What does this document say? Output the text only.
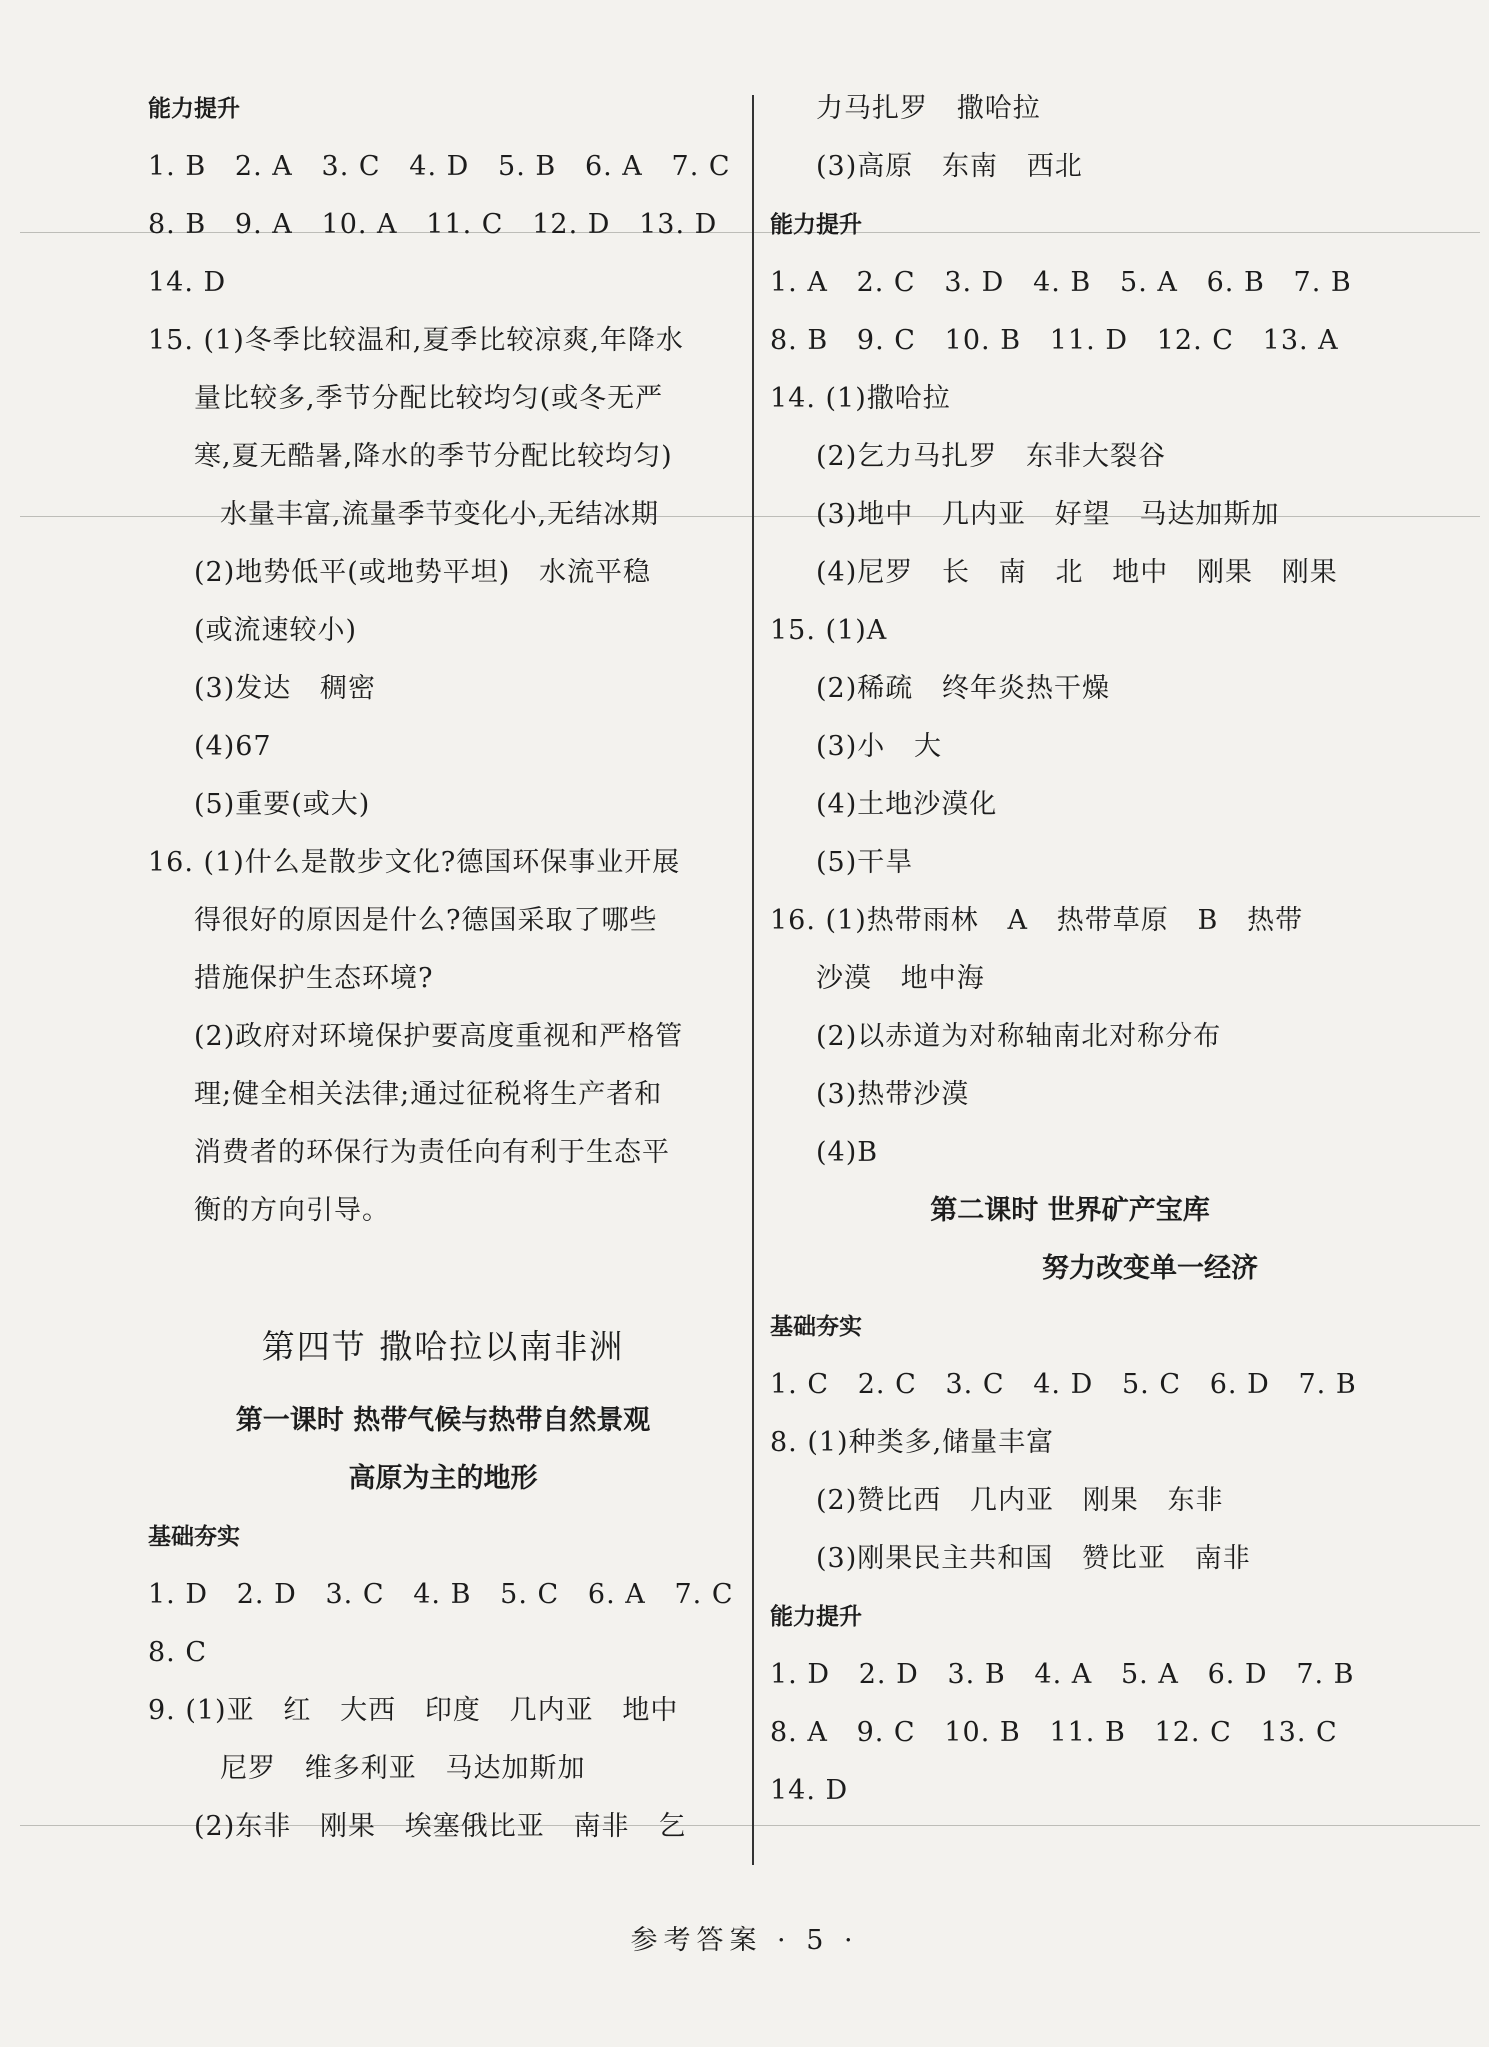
能力提升
1. B   2. A   3. C   4. D   5. B   6. A   7. C
8. B   9. A   10. A   11. C   12. D   13. D
14. D
15. (1)冬季比较温和,夏季比较凉爽,年降水
量比较多,季节分配比较均匀(或冬无严
寒,夏无酷暑,降水的季节分配比较均匀)
水量丰富,流量季节变化小,无结冰期
(2)地势低平(或地势平坦)   水流平稳
(或流速较小)
(3)发达   稠密
(4)67
(5)重要(或大)
16. (1)什么是散步文化?德国环保事业开展
得很好的原因是什么?德国采取了哪些
措施保护生态环境?
(2)政府对环境保护要高度重视和严格管
理;健全相关法律;通过征税将生产者和
消费者的环保行为责任向有利于生态平
衡的方向引导。
第四节 撒哈拉以南非洲
第一课时 热带气候与热带自然景观
高原为主的地形
基础夯实
1. D   2. D   3. C   4. B   5. C   6. A   7. C
8. C
9. (1)亚   红   大西   印度   几内亚   地中
尼罗   维多利亚   马达加斯加
(2)东非   刚果   埃塞俄比亚   南非   乞
力马扎罗   撒哈拉
(3)高原   东南   西北
能力提升
1. A   2. C   3. D   4. B   5. A   6. B   7. B
8. B   9. C   10. B   11. D   12. C   13. A
14. (1)撒哈拉
(2)乞力马扎罗   东非大裂谷
(3)地中   几内亚   好望   马达加斯加
(4)尼罗   长   南   北   地中   刚果   刚果
15. (1)A
(2)稀疏   终年炎热干燥
(3)小   大
(4)土地沙漠化
(5)干旱
16. (1)热带雨林   A   热带草原   B   热带
沙漠   地中海
(2)以赤道为对称轴南北对称分布
(3)热带沙漠
(4)B
第二课时 世界矿产宝库
努力改变单一经济
基础夯实
1. C   2. C   3. C   4. D   5. C   6. D   7. B
8. (1)种类多,储量丰富
(2)赞比西   几内亚   刚果   东非
(3)刚果民主共和国   赞比亚   南非
能力提升
1. D   2. D   3. B   4. A   5. A   6. D   7. B
8. A   9. C   10. B   11. B   12. C   13. C
14. D
参考答案 · 5 ·
